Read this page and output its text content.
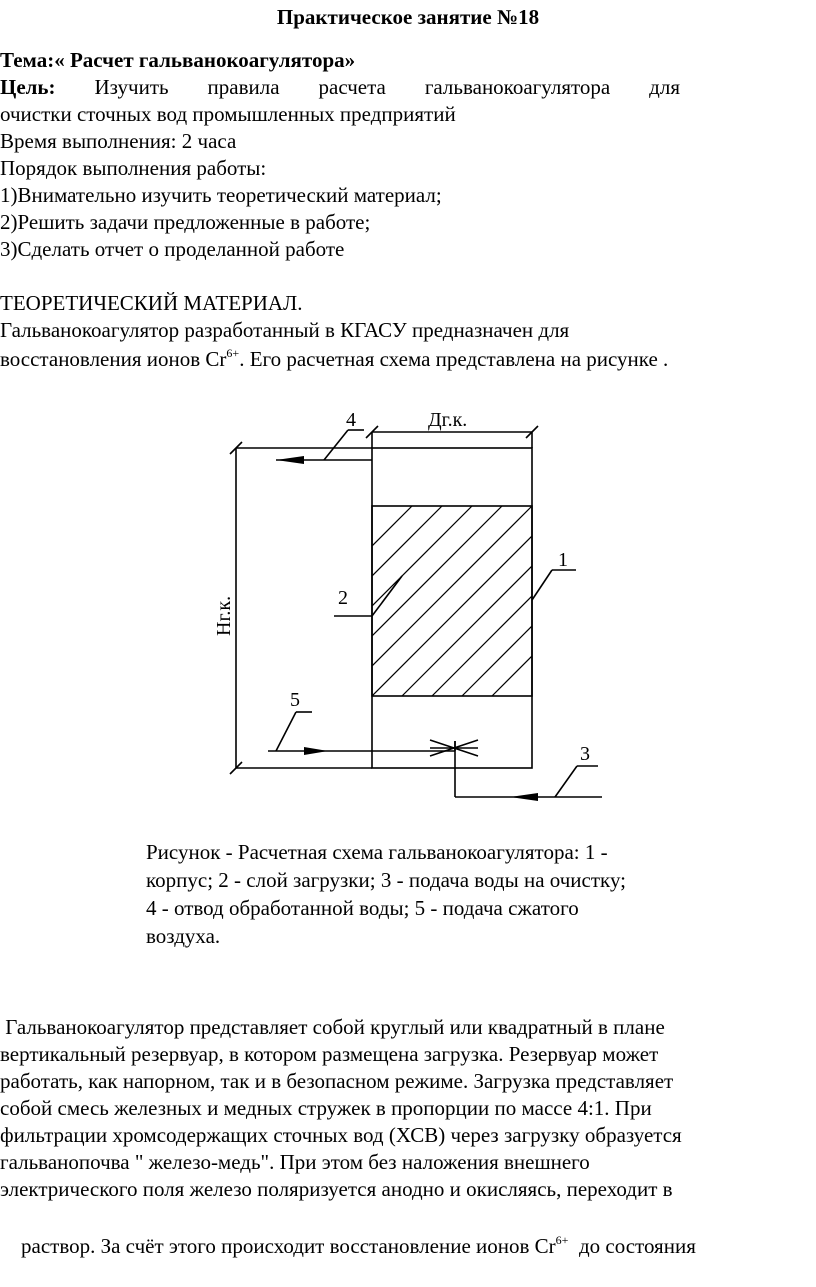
Практическое занятие №18
Тема:« Расчет гальванокоагулятора»
Цель: Изучить правила расчета гальванокоагулятора для
очистки сточных вод промышленных предприятий
Время выполнения: 2 часа
Порядок выполнения работы:
1)Внимательно изучить теоретический материал;
2)Решить задачи предложенные в работе;
3)Сделать отчет о проделанной работе
ТЕОРЕТИЧЕСКИЙ МАТЕРИАЛ.
Гальванокоагулятор разработанный в КГАСУ предназначен для
восстановления ионов $Cr^{6+}$. Его расчетная схема представлена на рисунке .
4	Дг.к.
1
2
Нг.к.
5
3
Рисунок - Расчетная схема гальванокоагулятора: 1 -
корпус; 2 - слой загрузки; 3 - подача воды на очистку;
4 - отвод обработанной воды; 5 - подача сжатого
воздуха.
Гальванокоагулятор представляет собой круглый или квадратный в плане
вертикальный резервуар, в котором размещена загрузка. Резервуар может
работать, как напорном, так и в безопасном режиме. Загрузка представляет
собой смесь железных и медных стружек в пропорции по массе 4:1. При
фильтрации хромсодержащих сточных вод (ХСВ) через загрузку образуется
гальванопочва " железо-медь". При этом без наложения внешнего
электрического поля железо поляризуется анодно и окисляясь, переходит в

раствор. За счёт этого происходит восстановление ионов $Cr^{6+}$  до состояния
